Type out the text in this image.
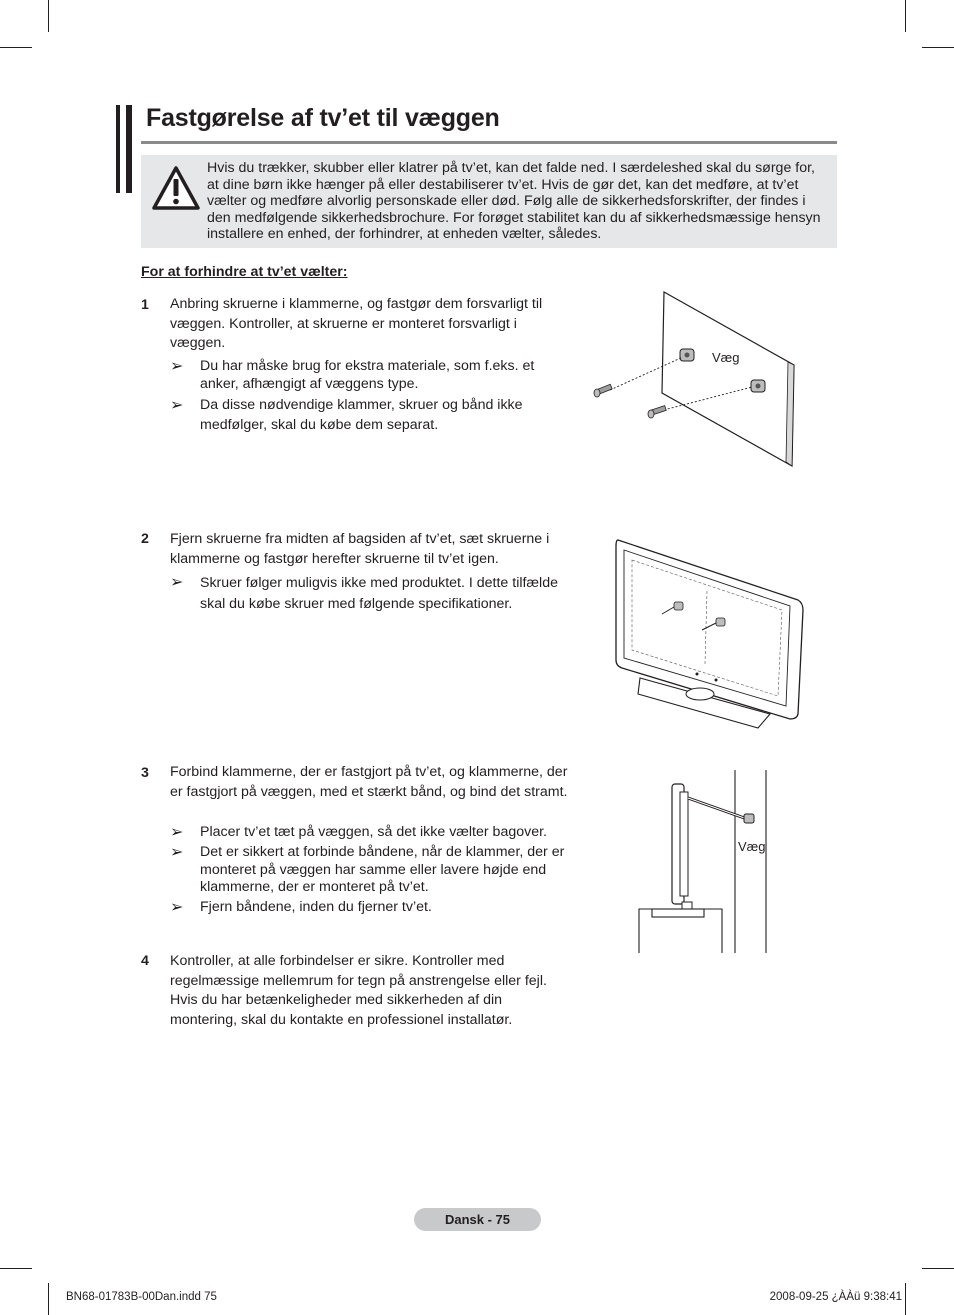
Fastgørelse af tv’et til væggen

Hvis du trækker, skubber eller klatrer på tv’et, kan det falde ned. I særdeleshed skal du sørge for, at dine børn ikke hænger på eller destabiliserer tv’et. Hvis de gør det, kan det medføre, at tv’et vælter og medføre alvorlig personskade eller død. Følg alle de sikkerhedsforskrifter, der findes i den medfølgende sikkerhedsbrochure. For forøget stabilitet kan du af sikkerhedsmæssige hensyn installere en enhed, der forhindrer, at enheden vælter, således.

For at forhindre at tv’et vælter:

1 Anbring skruerne i klammerne, og fastgør dem forsvarligt til væggen. Kontroller, at skruerne er monteret forsvarligt i væggen.

➢	Du har måske brug for ekstra materiale, som f.eks. et anker, afhængigt af væggens type.
➢	Da disse nødvendige klammer, skruer og bånd ikke medfølger, skal du købe dem separat.
Væg
2 Fjern skruerne fra midten af bagsiden af tv’et, sæt skruerne i klammerne og fastgør herefter skruerne til tv’et igen.

➢	Skruer følger muligvis ikke med produktet. I dette tilfælde skal du købe skruer med følgende specifikationer.
3 Forbind klammerne, der er fastgjort på tv’et, og klammerne, der er fastgjort på væggen, med et stærkt bånd, og bind det stramt.

➢	Placer tv’et tæt på væggen, så det ikke vælter bagover.
➢	Det er sikkert at forbinde båndene, når de klammer, der er monteret på væggen har samme eller lavere højde end klammerne, der er monteret på tv’et.
➢	Fjern båndene, inden du fjerner tv’et.
Væg
4 Kontroller, at alle forbindelser er sikre. Kontroller med regelmæssige mellemrum for tegn på anstrengelse eller fejl. Hvis du har betænkeligheder med sikkerheden af din montering, skal du kontakte en professionel installatør.

Dansk - 75
BN68-01783B-00Dan.indd 75	2008-09-25 ¿ÀÀü 9:38:41
